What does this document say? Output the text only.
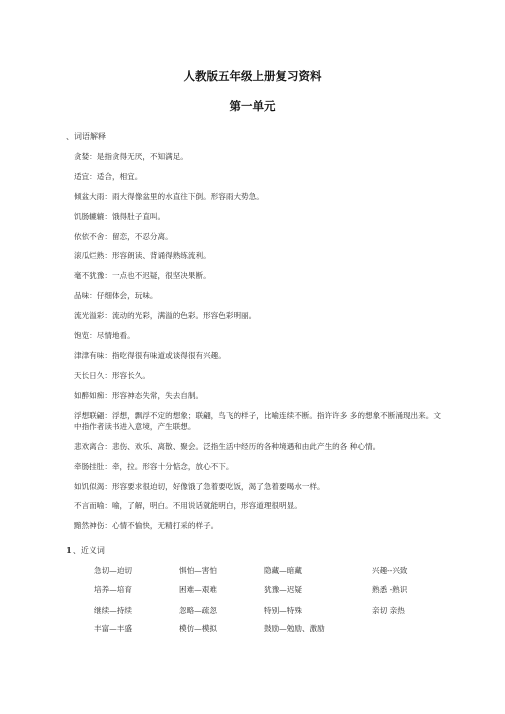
人教版五年级上册复习资料
第一单元
、词语解释
贪婪：是指贪得无厌，不知满足。
适宜：适合，相宜。
倾盆大雨：雨大得像盆里的水直往下倒。形容雨大势急。
饥肠辘辘：饿得肚子直叫。
依依不舍：留恋，不忍分离。
滚瓜烂熟：形容朗读、背诵得熟练流利。
毫不犹豫：一点也不迟疑，很坚决果断。
品味：仔细体会，玩味。
流光溢彩：流动的光彩，满溢的色彩。形容色彩明丽。
饱览：尽情地看。
津津有味：指吃得很有味道或谈得很有兴趣。
天长日久：形容长久。
如醉如痴：形容神态失常，失去自制。
浮想联翩：浮想，飘浮不定的想象；联翩，鸟飞的样子，比喻连续不断。指许许多 多的想象不断涌现出来。文中指作者读书进入意境，产生联想。
悲欢离合：悲伤、欢乐、离散、聚会。泛指生活中经历的各种境遇和由此产生的各 种心情。
牵肠挂肚：牵，拉。形容十分惦念，放心不下。
如饥似渴：形容要求很迫切，好像饿了急着要吃饭，渴了急着要喝水一样。
不言而喻：喻，了解，明白。不用说话就能明白，形容道理很明显。
黯然神伤：心情不愉快，无精打采的样子。
1、近义词
急切—迫切	惧怕—害怕	隐藏—暗藏	兴趣--兴致
培养—培育	困难—艰难	犹豫—迟疑	熟悉 -熟识
继续—持续	忽略—疏忽	特别—特殊	亲切 亲热
丰富—丰盛	模仿—模拟	鼓励—勉励、激励
